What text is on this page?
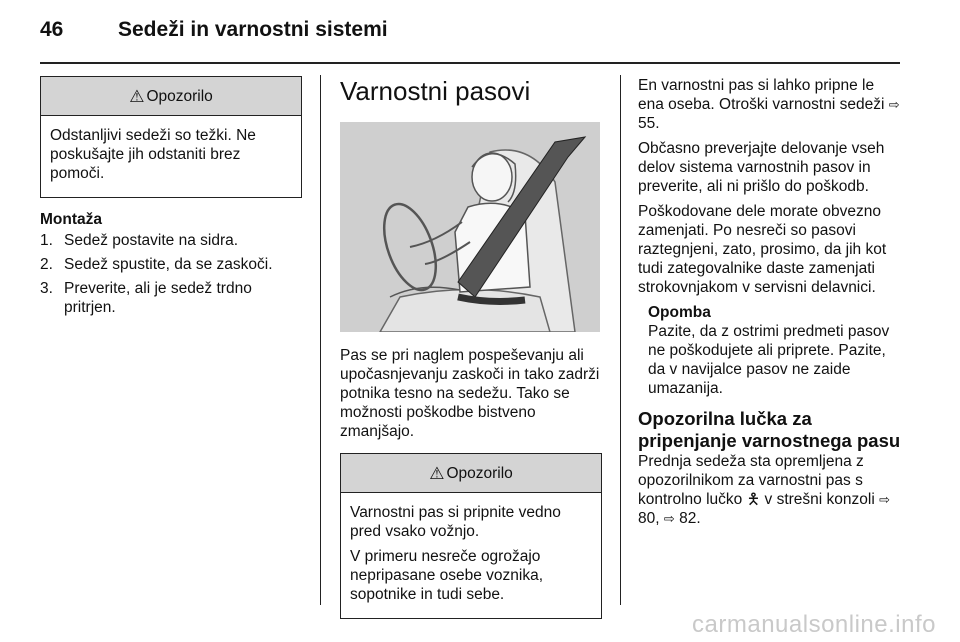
46	Sedeži in varnostni sistemi
⚠ Opozorilo

Odstanljivi sedeži so težki. Ne poskušajte jih odstaniti brez pomoči.

Montaža
1. Sedež postavite na sidra.
2. Sedež spustite, da se zaskoči.
3. Preverite, ali je sedež trdno pritrjen.
Varnostni pasovi

Pas se pri naglem pospeševanju ali upočasnjevanju zaskoči in tako zadrži potnika tesno na sedežu. Tako se možnosti poškodbe bistveno zmanjšajo.

⚠ Opozorilo

Varnostni pas si pripnite vedno pred vsako vožnjo.

V primeru nesreče ogrožajo nepripasane osebe voznika, sopotnike in tudi sebe.

En varnostni pas si lahko pripne le ena oseba. Otroški varnostni sedeži ⇨ 55.

Občasno preverjajte delovanje vseh delov sistema varnostnih pasov in preverite, ali ni prišlo do poškodb.

Poškodovane dele morate obvezno zamenjati. Po nesreči so pasovi raztegnjeni, zato, prosimo, da jih kot tudi zategovalnike daste zamenjati strokovnjakom v servisni delavnici.

Opomba
Pazite, da z ostrimi predmeti pasov ne poškodujete ali priprete. Pazite, da v navijalce pasov ne zaide umazanija.
Opozorilna lučka za pripenjanje varnostnega pasu

Prednja sedeža sta opremljena z opozorilnikom za varnostni pas s kontrolno lučko 🯅 v strešni konzoli ⇨ 80, ⇨ 82.

carmanualsonline.info
